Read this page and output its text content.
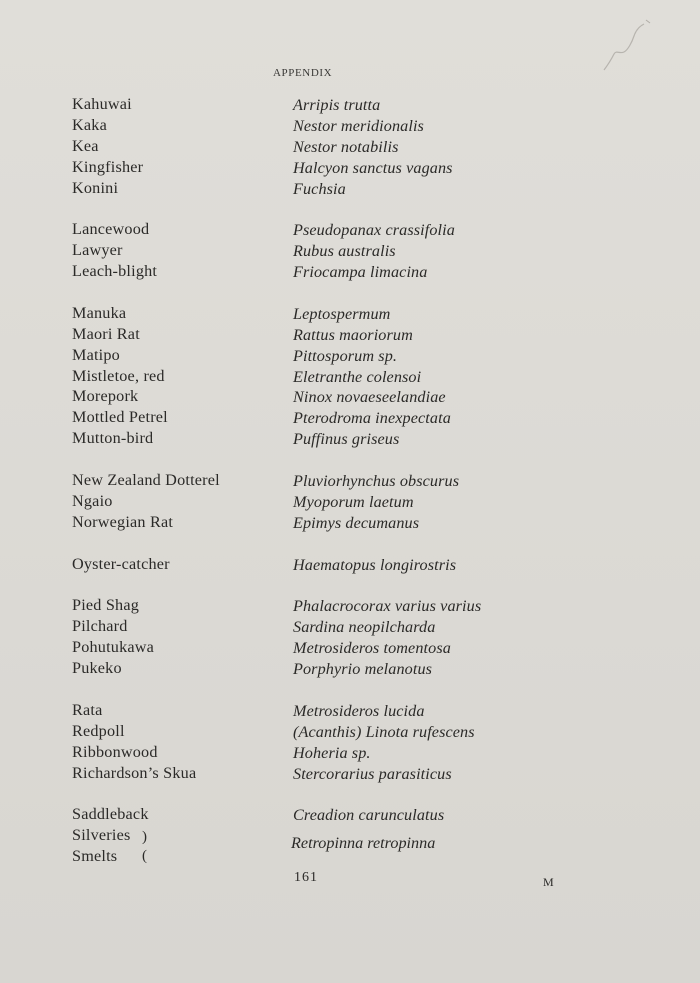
APPENDIX
Kahuwai
Kaka
Kea
Kingfisher
Konini
Lancewood
Lawyer
Leach-blight
Manuka
Maori Rat
Matipo
Mistletoe, red
Morepork
Mottled Petrel
Mutton-bird
New Zealand Dotterel
Ngaio
Norwegian Rat
Oyster-catcher
Pied Shag
Pilchard
Pohutukawa
Pukeko
Rata
Redpoll
Ribbonwood
Richardson’s Skua
Saddleback
Silveries
Smelts
Arripis trutta
Nestor meridionalis
Nestor notabilis
Halcyon sanctus vagans
Fuchsia
Pseudopanax crassifolia
Rubus australis
Friocampa limacina
Leptospermum
Rattus maoriorum
Pittosporum sp.
Eletranthe colensoi
Ninox novaeseelandiae
Pterodroma inexpectata
Puffinus griseus
Pluviorhynchus obscurus
Myoporum laetum
Epimys decumanus
Haematopus longirostris
Phalacrocorax varius varius
Sardina neopilcharda
Metrosideros tomentosa
Porphyrio melanotus
Metrosideros lucida
(Acanthis) Linota rufescens
Hoheria sp.
Stercorarius parasiticus
Creadion carunculatus
)
(
Retropinna retropinna
161	M
